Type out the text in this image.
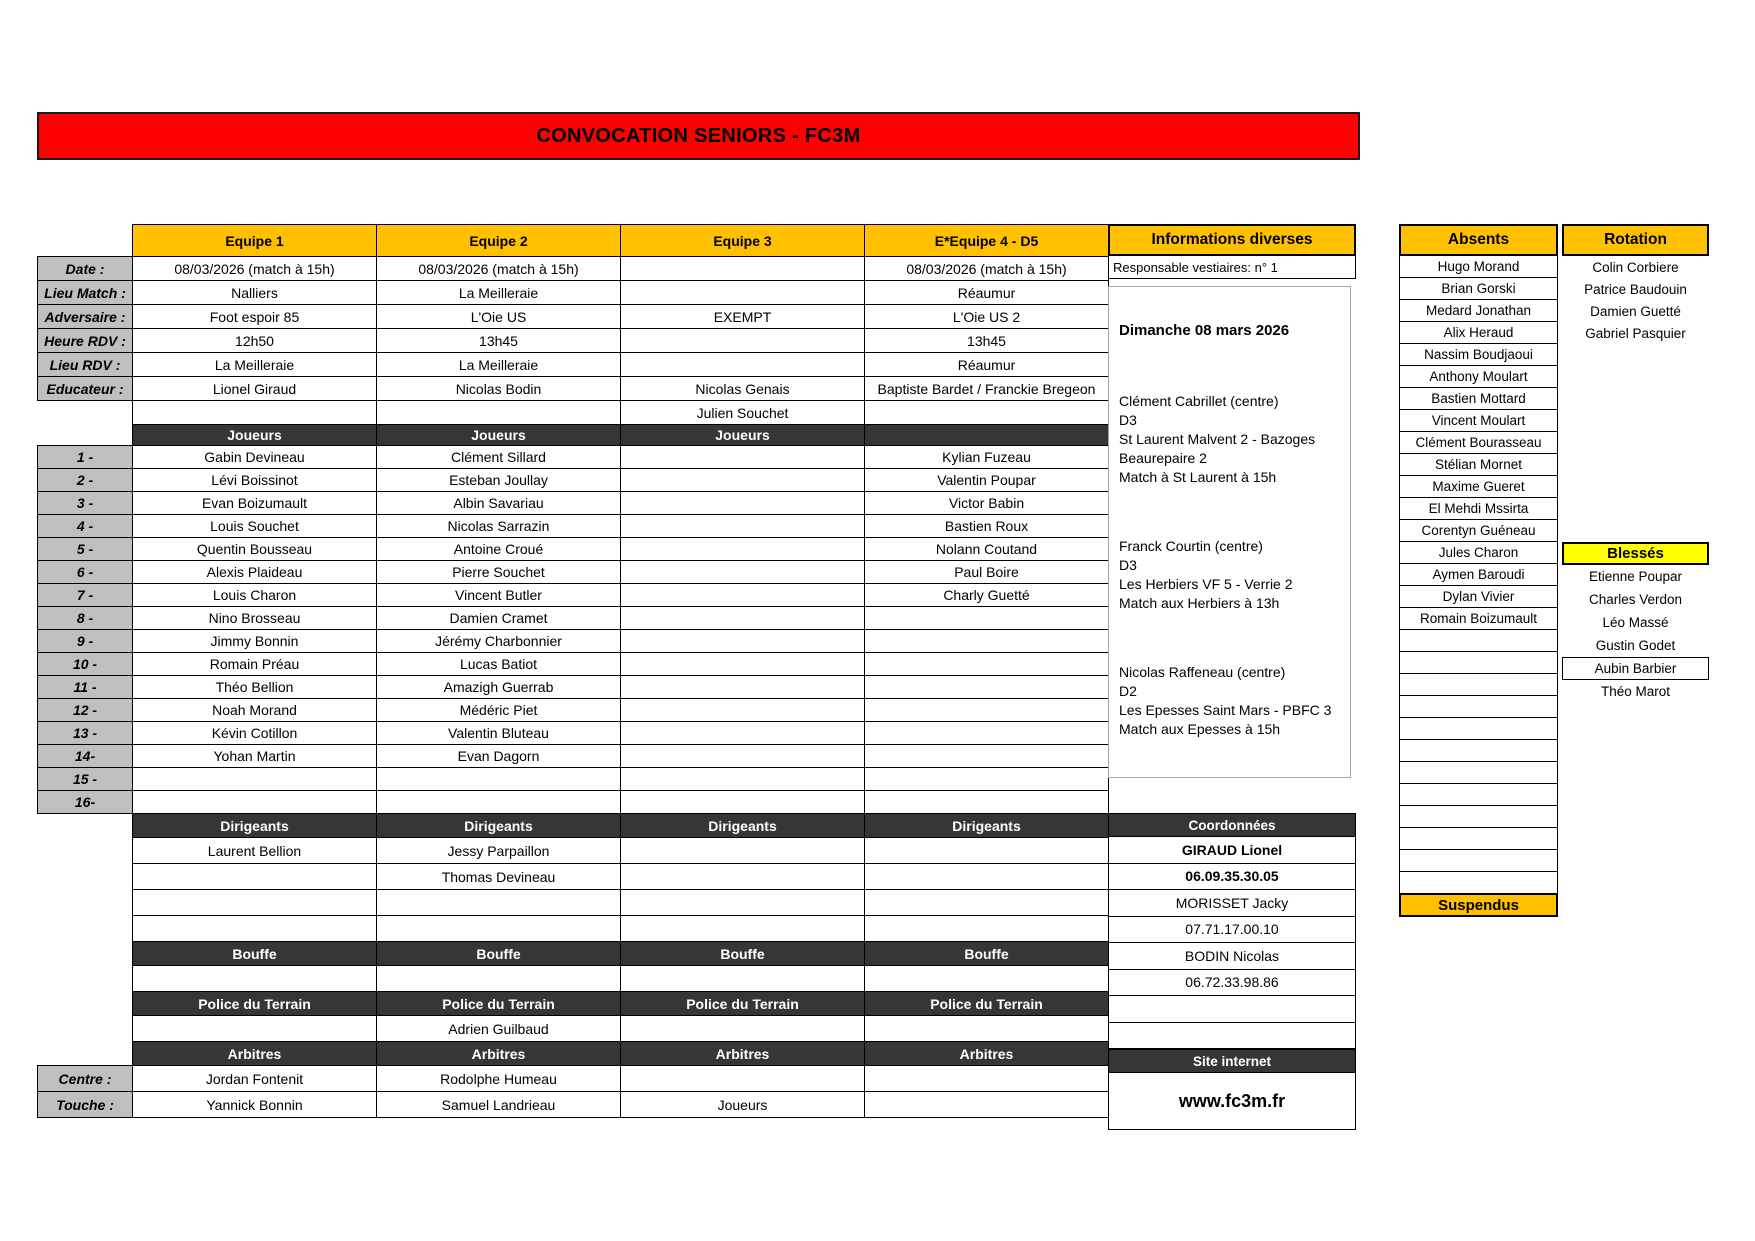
CONVOCATION SENIORS - FC3M
	Equipe 1	Equipe 2	Equipe 3	E*Equipe 4 - D5
Date :	08/03/2026 (match à 15h)	08/03/2026 (match à 15h)		08/03/2026 (match à 15h)
Lieu Match :	Nalliers	La Meilleraie		Réaumur
Adversaire :	Foot espoir 85	L'Oie US	EXEMPT	L'Oie US 2
Heure RDV :	12h50	13h45		13h45
Lieu RDV :	La Meilleraie	La Meilleraie		Réaumur
Educateur :	Lionel Giraud	Nicolas Bodin	Nicolas Genais	Baptiste Bardet / Franckie Bregeon
			Julien Souchet	
	Joueurs	Joueurs	Joueurs	
1 -	Gabin Devineau	Clément Sillard		Kylian Fuzeau
2 -	Lévi Boissinot	Esteban Joullay		Valentin Poupar
3 -	Evan Boizumault	Albin Savariau		Victor Babin
4 -	Louis Souchet	Nicolas Sarrazin		Bastien Roux
5 -	Quentin Bousseau	Antoine Croué		Nolann Coutand
6 -	Alexis Plaideau	Pierre Souchet		Paul Boire
7 -	Louis Charon	Vincent Butler		Charly Guetté
8 -	Nino Brosseau	Damien Cramet		
9 -	Jimmy Bonnin	Jérémy Charbonnier		
10 -	Romain Préau	Lucas Batiot		
11 -	Théo Bellion	Amazigh Guerrab		
12 -	Noah Morand	Médéric Piet		
13 -	Kévin Cotillon	Valentin Bluteau		
14-	Yohan Martin	Evan Dagorn		
15 -				
16-				
	Dirigeants	Dirigeants	Dirigeants	Dirigeants
	Laurent Bellion	Jessy Parpaillon		
		Thomas Devineau		

	Bouffe	Bouffe	Bouffe	Bouffe

	Police du Terrain	Police du Terrain	Police du Terrain	Police du Terrain
		Adrien Guilbaud		
	Arbitres	Arbitres	Arbitres	Arbitres
Centre :	Jordan Fontenit	Rodolphe Humeau		
Touche :	Yannick Bonnin	Samuel Landrieau	Joueurs	
Informations diverses
Responsable vestiaires: n° 1
Dimanche 08 mars 2026
Clément Cabrillet (centre)
D3
St Laurent Malvent 2 - Bazoges Beaurepaire 2
Match à St Laurent à 15h
Franck Courtin (centre)
D3
Les Herbiers VF 5 - Verrie 2
Match aux Herbiers à 13h
Nicolas Raffeneau (centre)
D2
Les Epesses Saint Mars - PBFC 3
Match aux Epesses à 15h
Coordonnées
GIRAUD Lionel
06.09.35.30.05
MORISSET Jacky
07.71.17.00.10
BODIN Nicolas
06.72.33.98.86
Site internet
www.fc3m.fr
Absents
Hugo Morand
Brian Gorski
Medard Jonathan
Alix Heraud
Nassim Boudjaoui
Anthony Moulart
Bastien Mottard
Vincent Moulart
Clément Bourasseau
Stélian Mornet
Maxime Gueret
El Mehdi Mssirta
Corentyn Guéneau
Jules Charon
Aymen Baroudi
Dylan Vivier
Romain Boizumault
Suspendus
Rotation
Colin Corbiere
Patrice Baudouin
Damien Guetté
Gabriel Pasquier
Blessés
Etienne Poupar
Charles Verdon
Léo Massé
Gustin Godet
Aubin Barbier
Théo Marot
